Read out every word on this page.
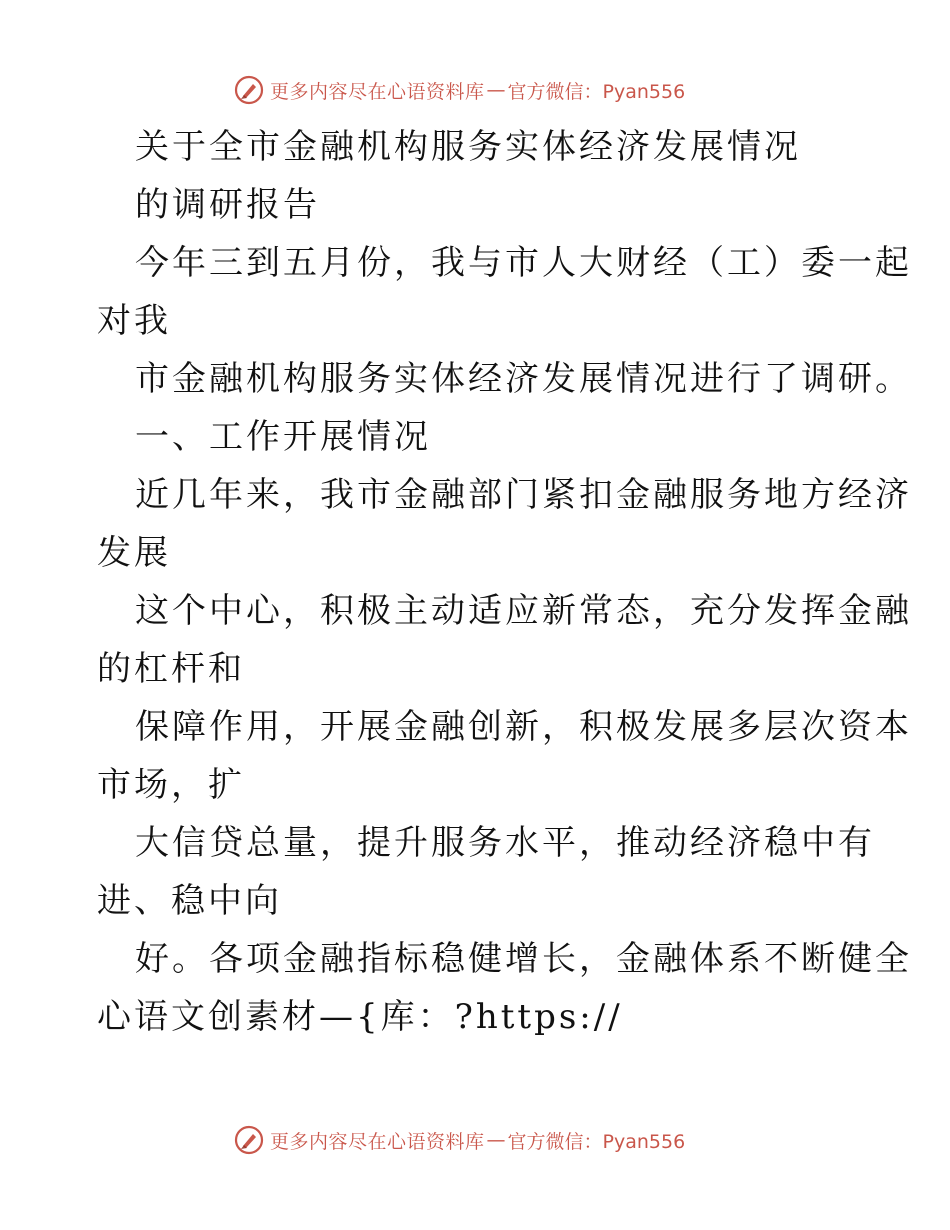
更多内容尽在心语资料库 — 官方微信：Pyan556
关于全市金融机构服务实体经济发展情况
的调研报告
今年三到五月份，我与市人大财经（工）委一起
对我
市金融机构服务实体经济发展情况进行了调研。
一、工作开展情况
近几年来，我市金融部门紧扣金融服务地方经济
发展
这个中心，积极主动适应新常态，充分发挥金融
的杠杆和
保障作用，开展金融创新，积极发展多层次资本
市场，扩
大信贷总量，提升服务水平，推动经济稳中有
进、稳中向
好。各项金融指标稳健增长，金融体系不断健全
心语文创素材—{库：?https://
更多内容尽在心语资料库 — 官方微信：Pyan556
